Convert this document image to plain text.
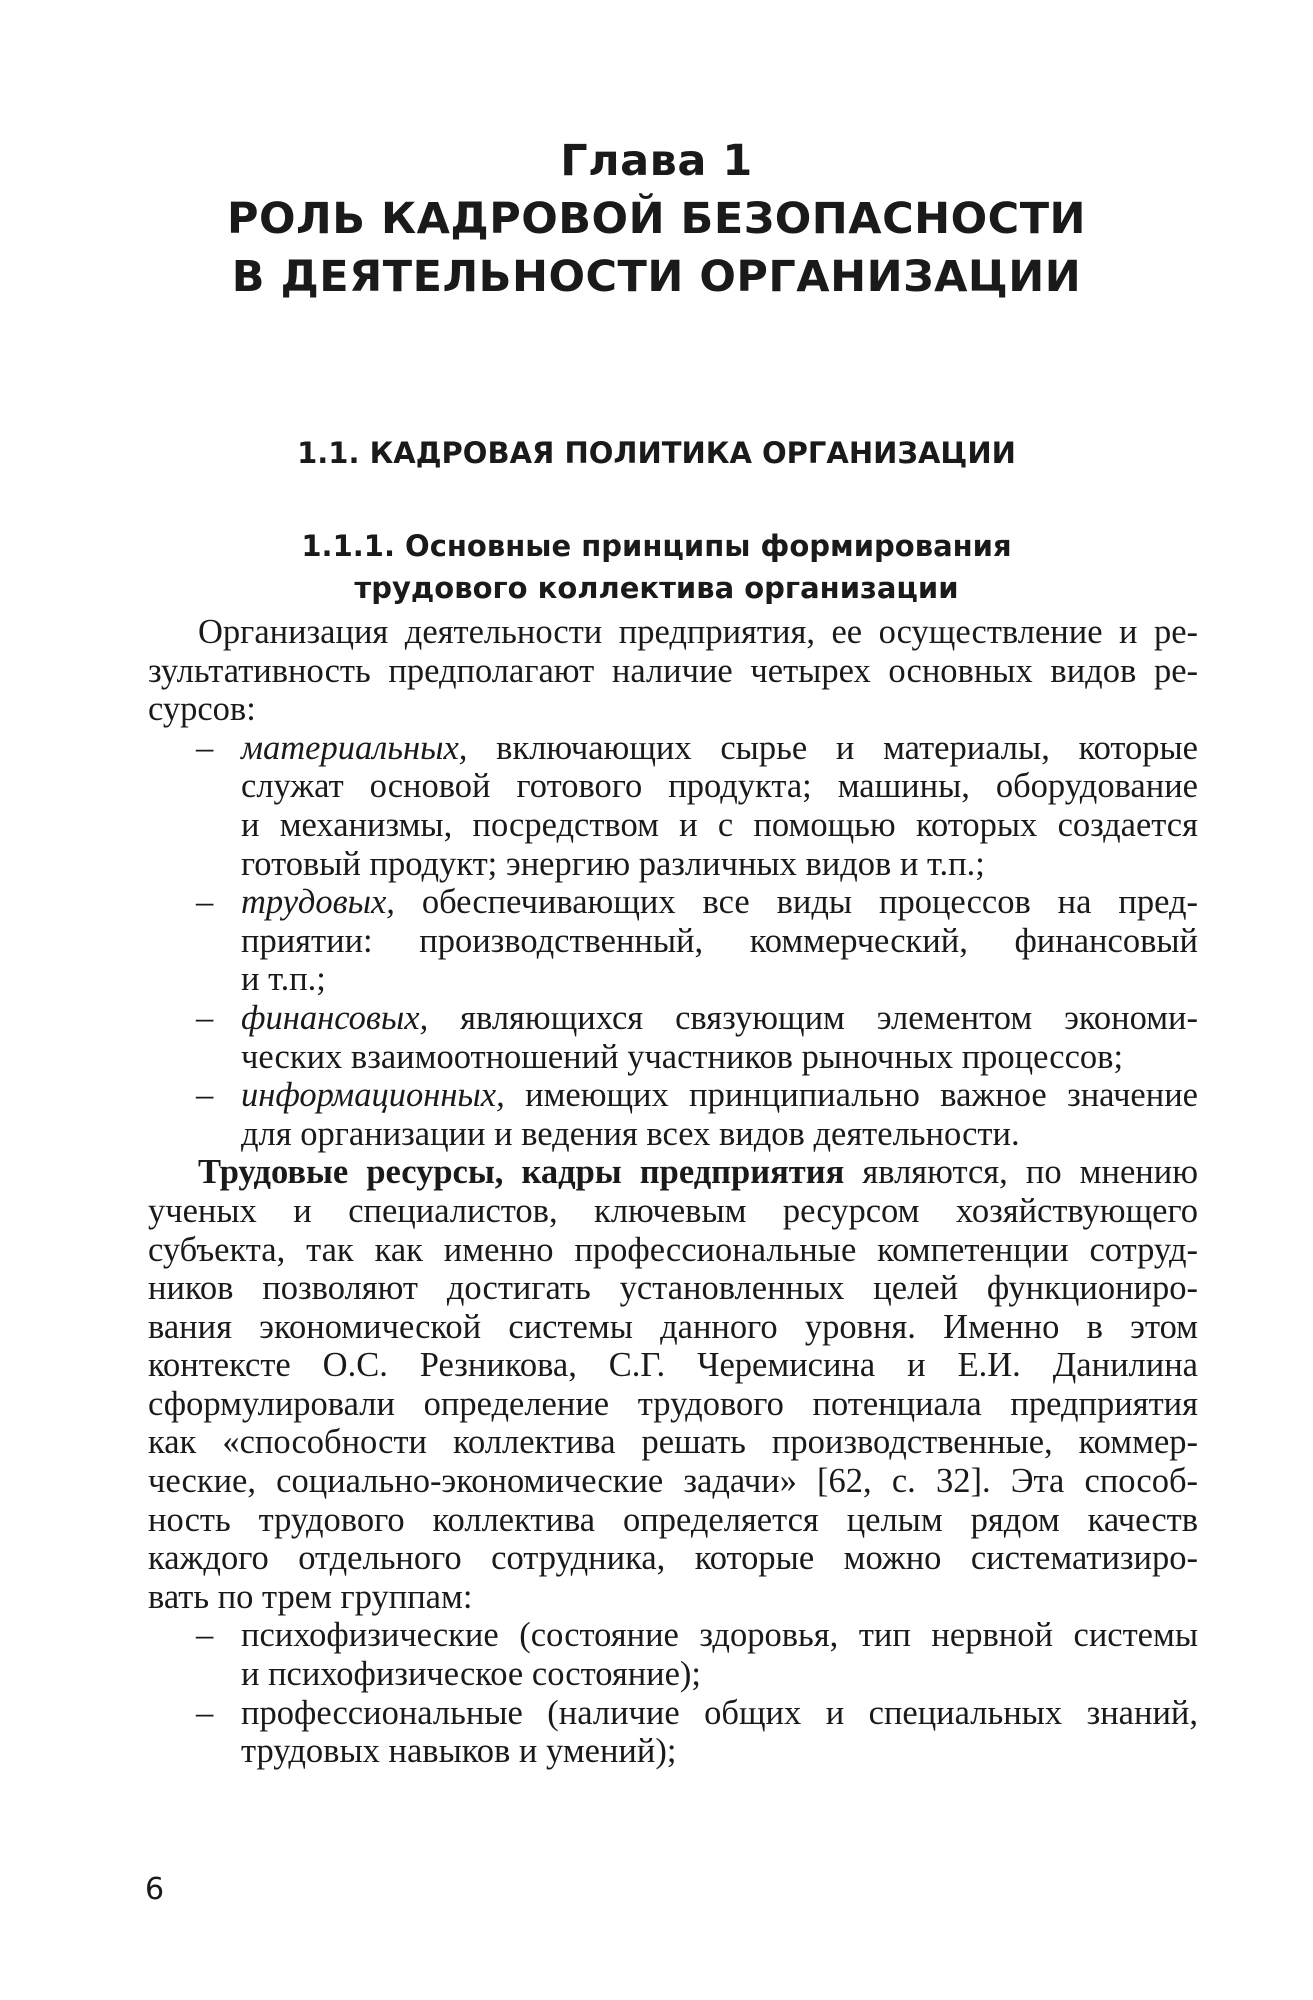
Глава 1
РОЛЬ КАДРОВОЙ БЕЗОПАСНОСТИ
В ДЕЯТЕЛЬНОСТИ ОРГАНИЗАЦИИ
1.1. КАДРОВАЯ ПОЛИТИКА ОРГАНИЗАЦИИ
1.1.1. Основные принципы формирования
трудового коллектива организации
Организация деятельности предприятия, ее осуществление и ре-
зультативность предполагают наличие четырех основных видов ре-
сурсов:
– материальных, включающих сырье и материалы, которые
служат основой готового продукта; машины, оборудование
и механизмы, посредством и с помощью которых создается
готовый продукт; энергию различных видов и т.п.;
– трудовых, обеспечивающих все виды процессов на пред-
приятии: производственный, коммерческий, финансовый
и т.п.;
– финансовых, являющихся связующим элементом экономи-
ческих взаимоотношений участников рыночных процессов;
– информационных, имеющих принципиально важное значение
для организации и ведения всех видов деятельности.
Трудовые ресурсы, кадры предприятия являются, по мнению
ученых и специалистов, ключевым ресурсом хозяйствующего
субъекта, так как именно профессиональные компетенции сотруд-
ников позволяют достигать установленных целей функциониро-
вания экономической системы данного уровня. Именно в этом
контексте О.С. Резникова, С.Г. Черемисина и Е.И. Данилина
сформулировали определение трудового потенциала предприятия
как «способности коллектива решать производственные, коммер-
ческие, социально-экономические задачи» [62, с. 32]. Эта способ-
ность трудового коллектива определяется целым рядом качеств
каждого отдельного сотрудника, которые можно систематизиро-
вать по трем группам:
– психофизические (состояние здоровья, тип нервной системы
и психофизическое состояние);
– профессиональные (наличие общих и специальных знаний,
трудовых навыков и умений);
6
